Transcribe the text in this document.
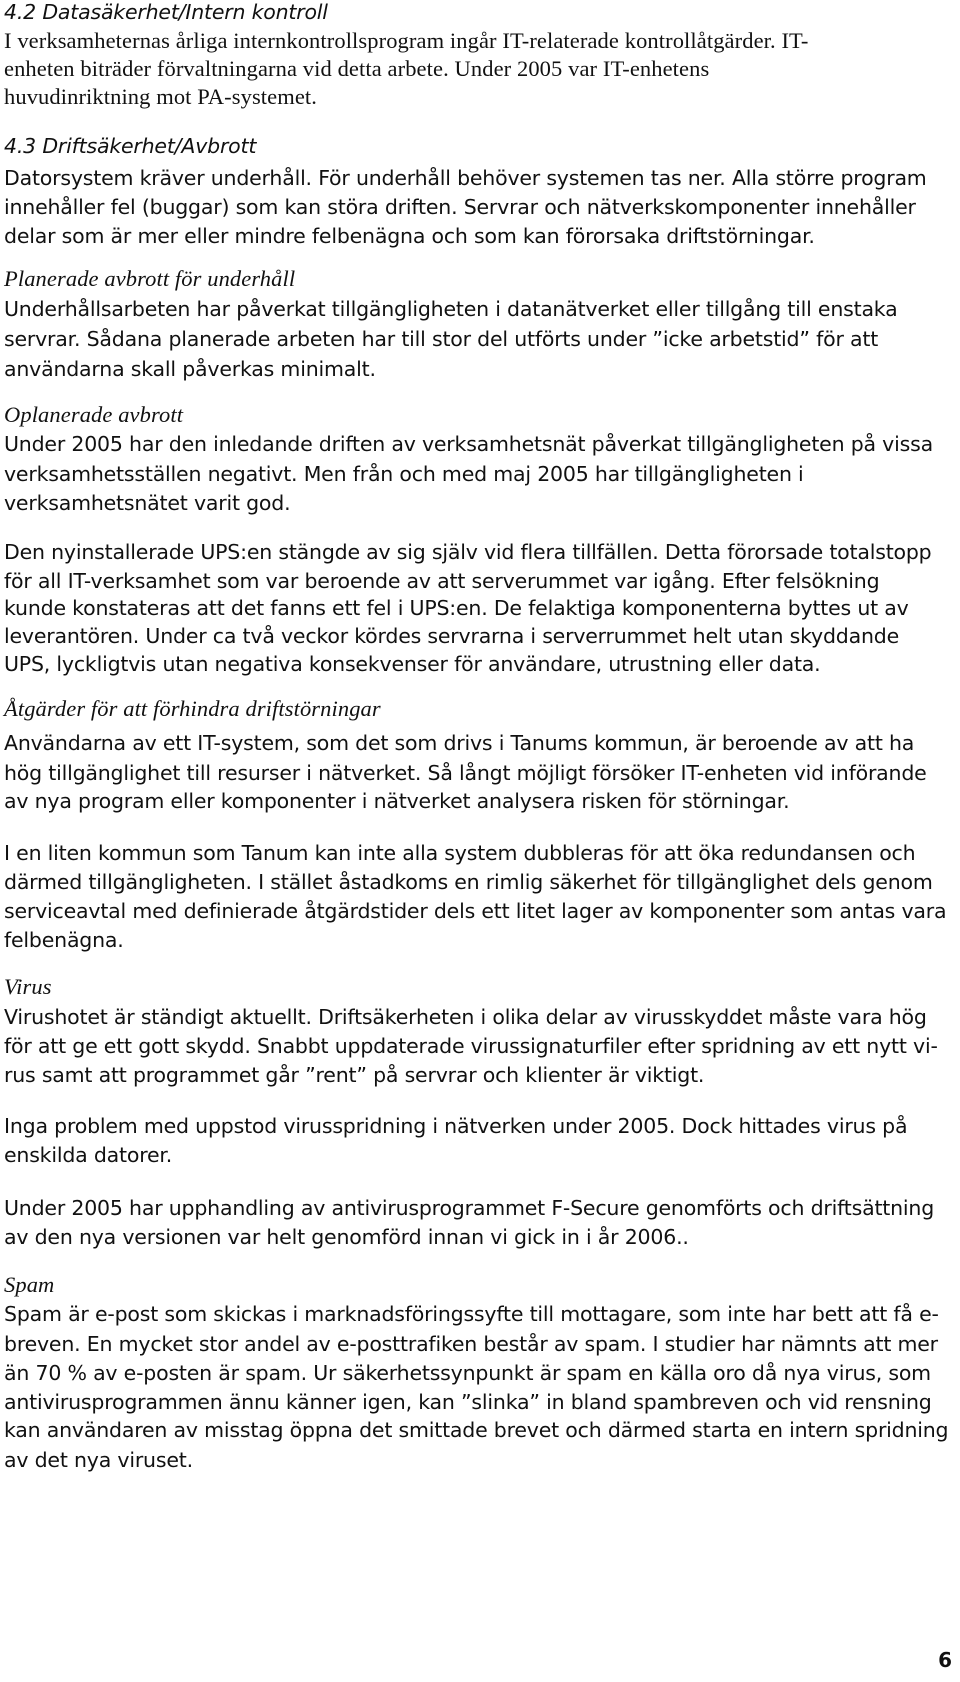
4.2 Datasäkerhet/Intern kontroll
I verksamheternas årliga internkontrollsprogram ingår IT-relaterade kontrollåtgärder. IT-
enheten biträder förvaltningarna vid detta arbete. Under 2005 var IT-enhetens
huvudinriktning mot PA-systemet.
4.3 Driftsäkerhet/Avbrott
Datorsystem kräver underhåll. För underhåll behöver systemen tas ner. Alla större program
innehåller fel (buggar) som kan störa driften. Servrar och nätverkskomponenter innehåller
delar som är mer eller mindre felbenägna och som kan förorsaka driftstörningar.
Planerade avbrott för underhåll
Underhållsarbeten har påverkat tillgängligheten i datanätverket eller tillgång till enstaka
servrar. Sådana planerade arbeten har till stor del utförts under ”icke arbetstid” för att
användarna skall påverkas minimalt.
Oplanerade avbrott
Under 2005 har den inledande driften av verksamhetsnät påverkat tillgängligheten på vissa
verksamhetsställen negativt. Men från och med maj 2005 har tillgängligheten i
verksamhetsnätet varit god.
Den nyinstallerade UPS:en stängde av sig själv vid flera tillfällen. Detta förorsade totalstopp
för all IT-verksamhet som var beroende av att serverummet var igång. Efter felsökning
kunde konstateras att det fanns ett fel i UPS:en. De felaktiga komponenterna byttes ut av
leverantören. Under ca två veckor kördes servrarna i serverrummet helt utan skyddande
UPS, lyckligtvis utan negativa konsekvenser för användare, utrustning eller data.
Åtgärder för att förhindra driftstörningar
Användarna av ett IT-system, som det som drivs i Tanums kommun, är beroende av att ha
hög tillgänglighet till resurser i nätverket. Så långt möjligt försöker IT-enheten vid införande
av nya program eller komponenter i nätverket analysera risken för störningar.
I en liten kommun som Tanum kan inte alla system dubbleras för att öka redundansen och
därmed tillgängligheten. I stället åstadkoms en rimlig säkerhet för tillgänglighet dels genom
serviceavtal med definierade åtgärdstider dels ett litet lager av komponenter som antas vara
felbenägna.
Virus
Virushotet är ständigt aktuellt. Driftsäkerheten i olika delar av virusskyddet måste vara hög
för att ge ett gott skydd. Snabbt uppdaterade virussignaturfiler efter spridning av ett nytt vi-
rus samt att programmet går ”rent” på servrar och klienter är viktigt.
Inga problem med uppstod virusspridning i nätverken under 2005. Dock hittades virus på
enskilda datorer.
Under 2005 har upphandling av antivirusprogrammet F-Secure genomförts och driftsättning
av den nya versionen var helt genomförd innan vi gick in i år 2006..
Spam
Spam är e-post som skickas i marknadsföringssyfte till mottagare, som inte har bett att få e-
breven. En mycket stor andel av e-posttrafiken består av spam. I studier har nämnts att mer
än 70 % av e-posten är spam. Ur säkerhetssynpunkt är spam en källa oro då nya virus, som
antivirusprogrammen ännu känner igen, kan ”slinka” in bland spambreven och vid rensning
kan användaren av misstag öppna det smittade brevet och därmed starta en intern spridning
av det nya viruset.
6
